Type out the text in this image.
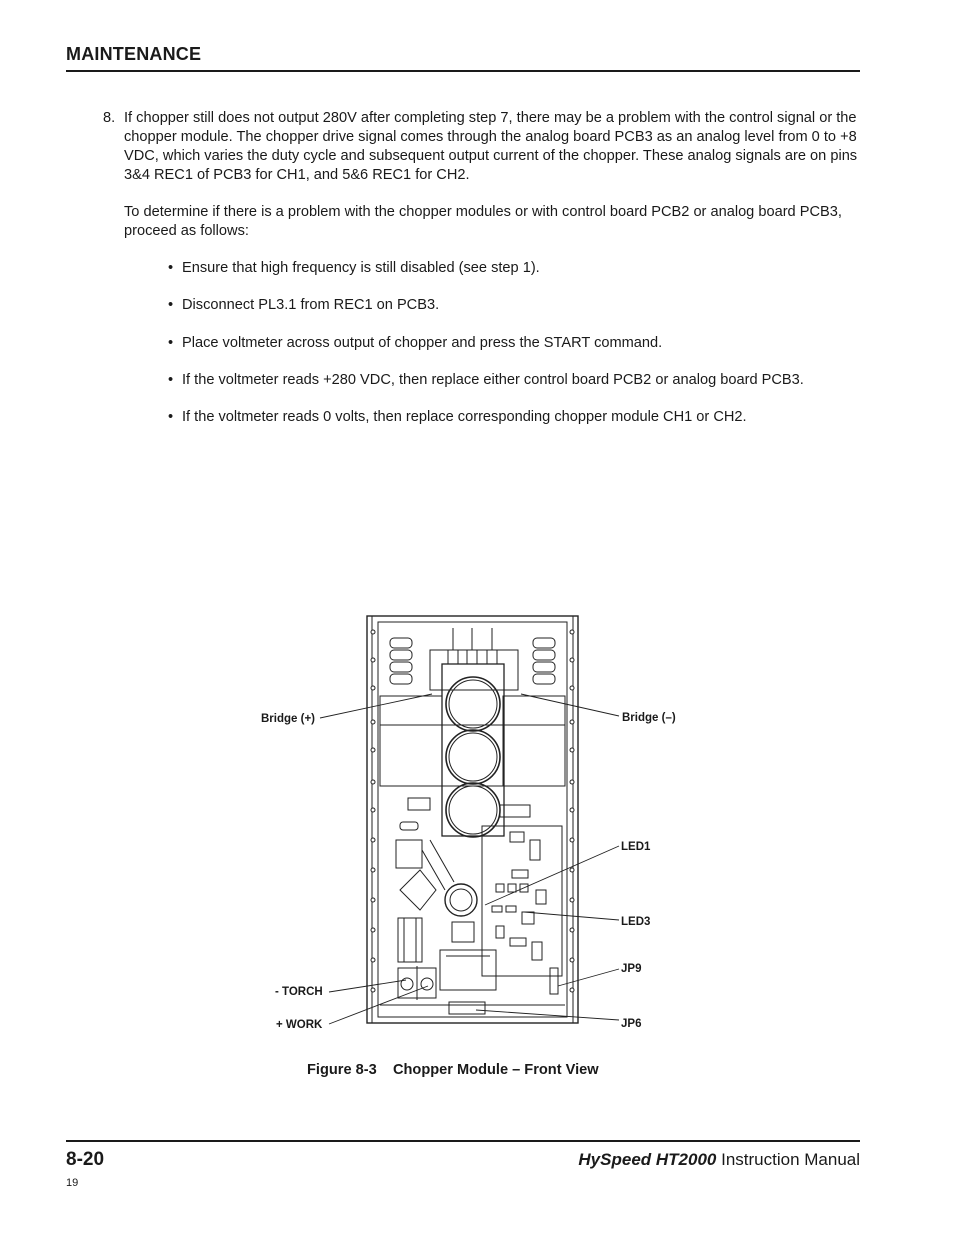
MAINTENANCE
8. If chopper still does not output 280V after completing step 7, there may be a problem with the control signal or the chopper module. The chopper drive signal comes through the analog board PCB3 as an analog level from 0 to +8 VDC, which varies the duty cycle and subsequent output current of the chopper. These analog signals are on pins 3&4 REC1 of PCB3 for CH1, and 5&6 REC1 for CH2.
To determine if there is a problem with the chopper modules or with control board PCB2 or analog board PCB3, proceed as follows:
• Ensure that high frequency is still disabled (see step 1).
• Disconnect PL3.1 from REC1 on PCB3.
• Place voltmeter across output of chopper and press the START command.
• If the voltmeter reads +280 VDC, then replace either control board PCB2 or analog board PCB3.
• If the voltmeter reads 0 volts, then replace corresponding chopper module CH1 or CH2.
Bridge (+)	Bridge (–)
LED1
LED3
JP9
- TORCH
+ WORK	JP6
Figure 8-3    Chopper Module – Front View
8-20	HySpeed HT2000 Instruction Manual
19
